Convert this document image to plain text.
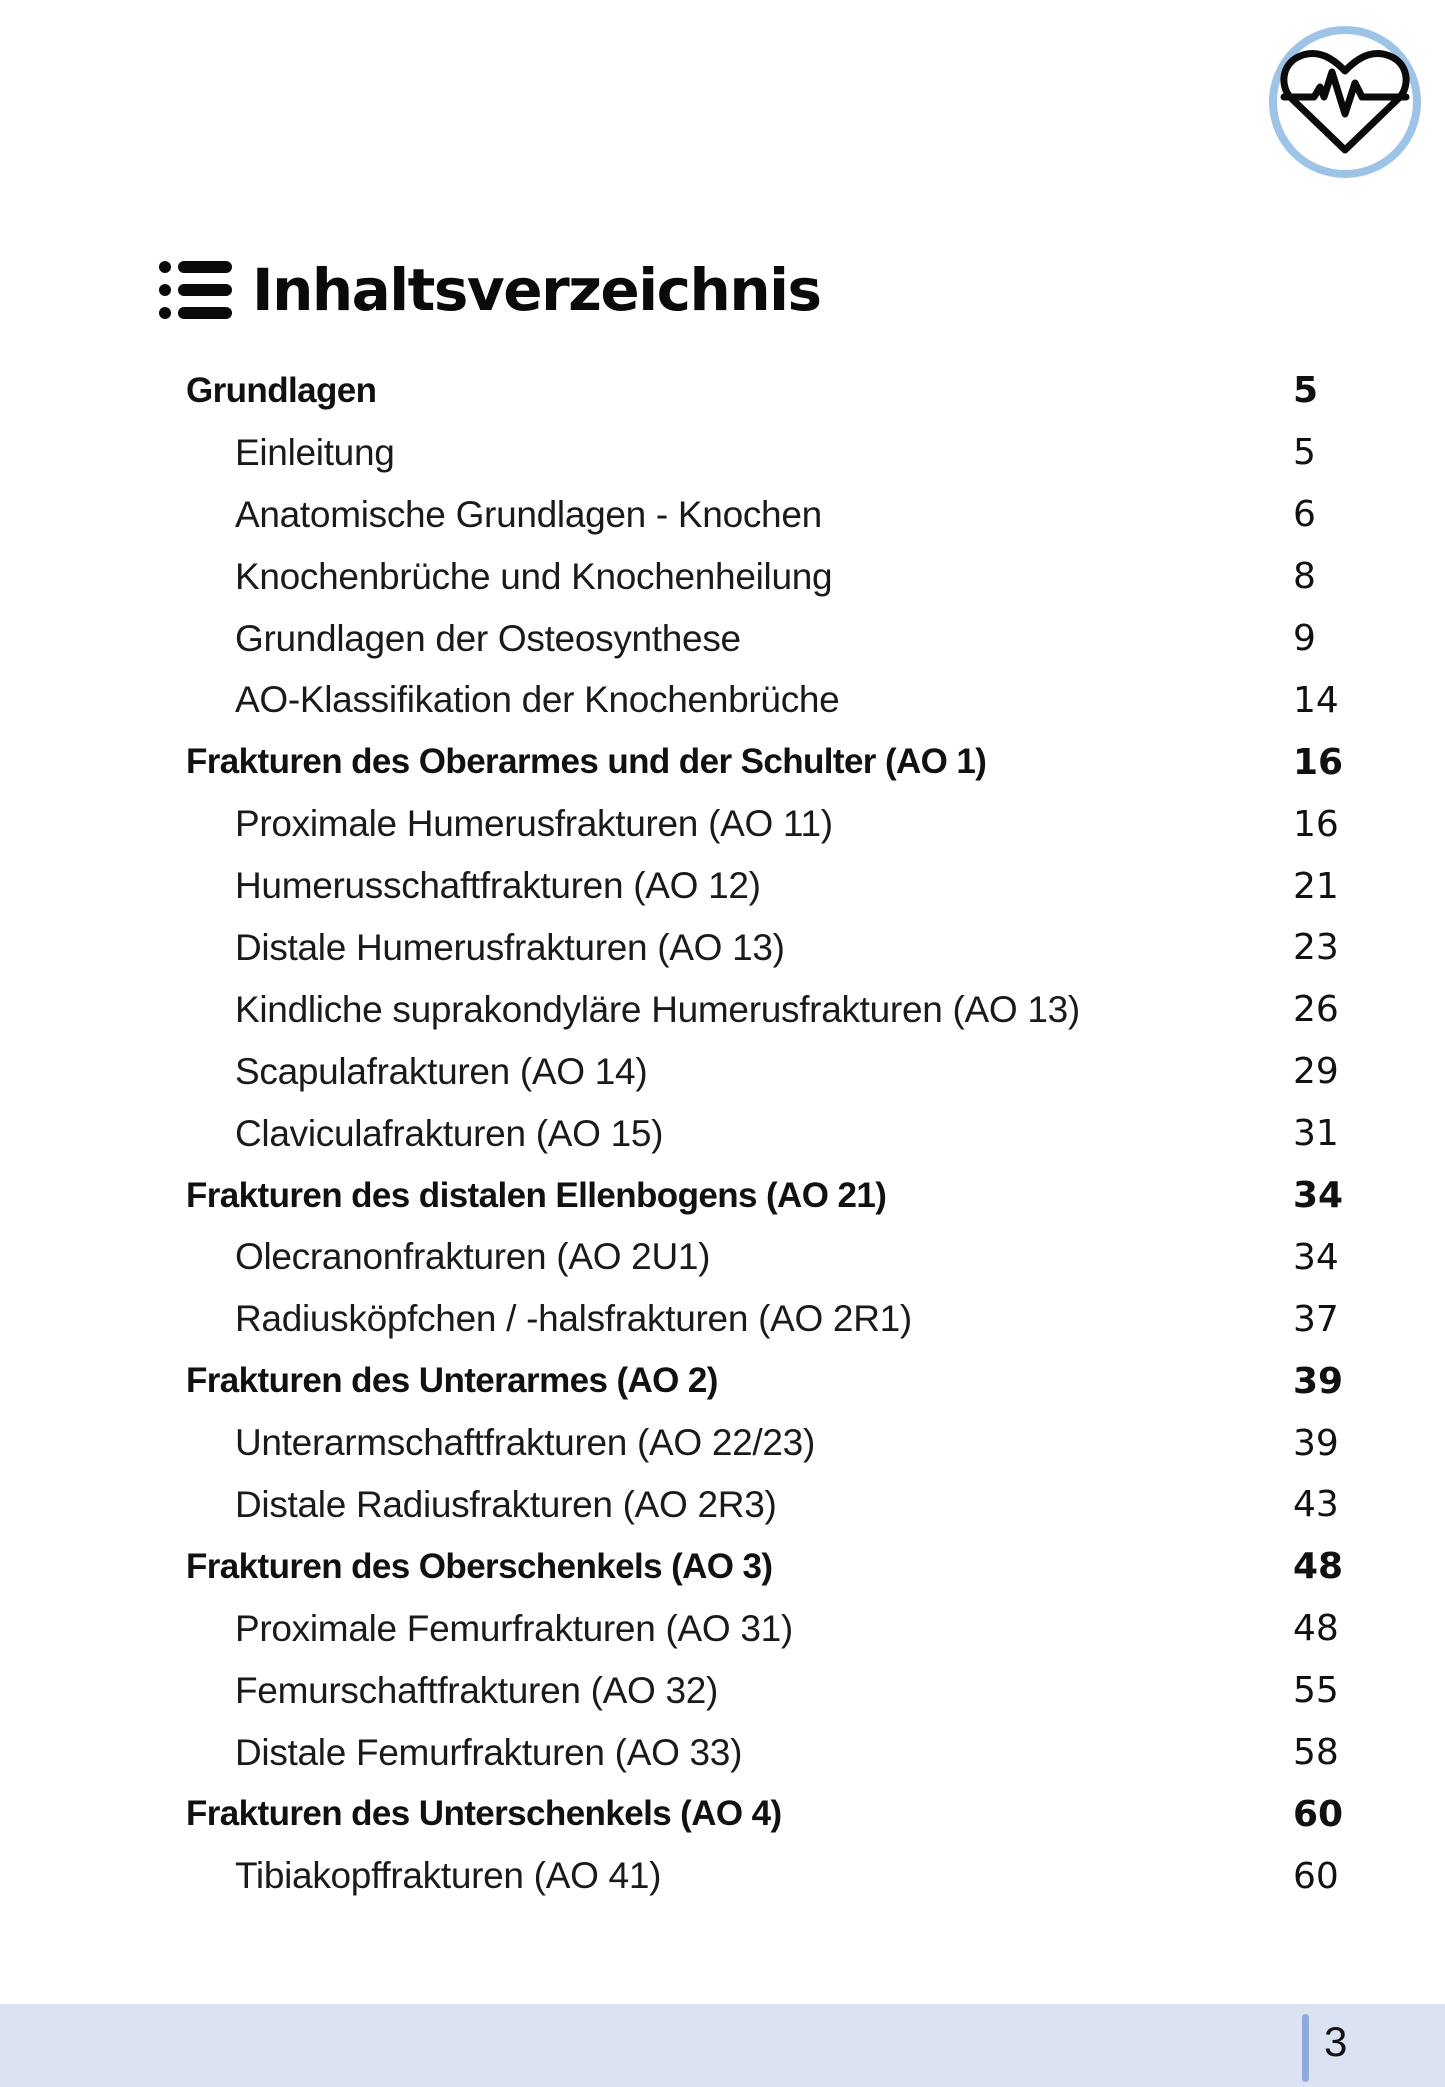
Inhaltsverzeichnis
Grundlagen	5
Einleitung	5
Anatomische Grundlagen - Knochen	6
Knochenbrüche und Knochenheilung	8
Grundlagen der Osteosynthese	9
AO-Klassifikation der Knochenbrüche	14
Frakturen des Oberarmes und der Schulter (AO 1)	16
Proximale Humerusfrakturen (AO 11)	16
Humerusschaftfrakturen (AO 12)	21
Distale Humerusfrakturen (AO 13)	23
Kindliche suprakondyläre Humerusfrakturen (AO 13)	26
Scapulafrakturen (AO 14)	29
Claviculafrakturen (AO 15)	31
Frakturen des distalen Ellenbogens (AO 21)	34
Olecranonfrakturen (AO 2U1)	34
Radiusköpfchen / -halsfrakturen (AO 2R1)	37
Frakturen des Unterarmes (AO 2)	39
Unterarmschaftfrakturen (AO 22/23)	39
Distale Radiusfrakturen (AO 2R3)	43
Frakturen des Oberschenkels (AO 3)	48
Proximale Femurfrakturen (AO 31)	48
Femurschaftfrakturen (AO 32)	55
Distale Femurfrakturen (AO 33)	58
Frakturen des Unterschenkels (AO 4)	60
Tibiakopffrakturen (AO 41)	60
3
